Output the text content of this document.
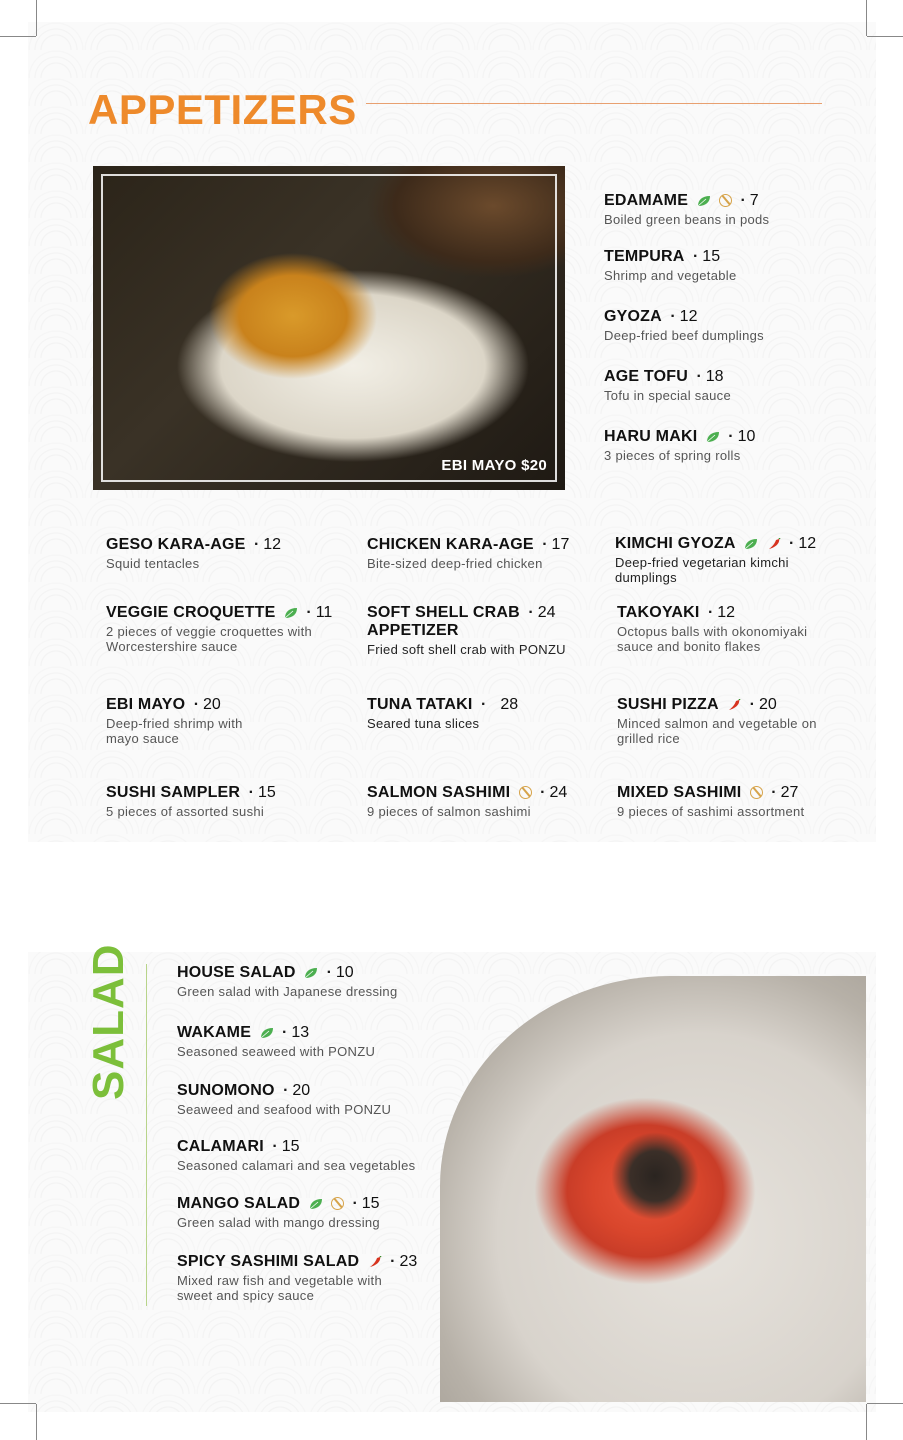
APPETIZERS
EBI MAYO $20
EDAMAME	· 7
Boiled green beans in pods
TEMPURA · 15
Shrimp and vegetable
GYOZA · 12
Deep-fried beef dumplings
AGE TOFU · 18
Tofu in special sauce
HARU MAKI · 10
3 pieces of spring rolls
GESO KARA-AGE · 12
Squid tentacles
CHICKEN KARA-AGE · 17
Bite-sized deep-fried chicken
KIMCHI GYOZA	· 12
Deep-fried vegetarian kimchi dumplings
VEGGIE CROQUETTE · 11
2 pieces of veggie croquettes with Worcestershire sauce
SOFT SHELL CRAB · 24
APPETIZER
Fried soft shell crab with PONZU
TAKOYAKI · 12
Octopus balls with okonomiyaki sauce and bonito flakes
EBI MAYO · 20
Deep-fried shrimp with mayo sauce
TUNA TATAKI · 28
Seared tuna slices
SUSHI PIZZA · 20
Minced salmon and vegetable on grilled rice
SUSHI SAMPLER · 15
5 pieces of assorted sushi
SALMON SASHIMI · 24
9 pieces of salmon sashimi
MIXED SASHIMI · 27
9 pieces of sashimi assortment
SALAD	HOUSE SALAD · 10
Green salad with Japanese dressing
WAKAME · 13
Seasoned seaweed with PONZU
SUNOMONO · 20
Seaweed and seafood with PONZU
CALAMARI · 15
Seasoned calamari and sea vegetables
MANGO SALAD	· 15
Green salad with mango dressing
SPICY SASHIMI SALAD · 23
Mixed raw fish and vegetable with sweet and spicy sauce
